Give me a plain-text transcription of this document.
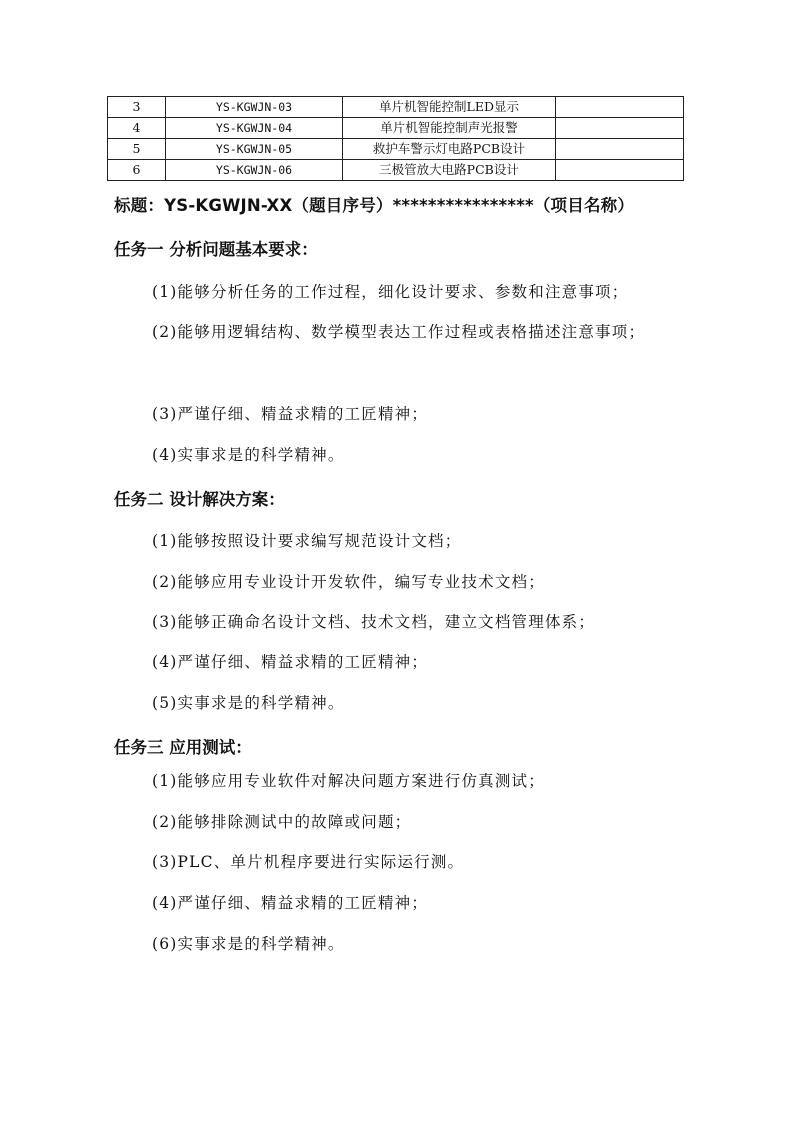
3	YS-KGWJN-03	单片机智能控制LED显示	
4	YS-KGWJN-04	单片机智能控制声光报警	
5	YS-KGWJN-05	救护车警示灯电路PCB设计	
6	YS-KGWJN-06	三极管放大电路PCB设计	
标题：YS-KGWJN-XX（题目序号）****************（项目名称）
任务一 分析问题基本要求：
(1)能够分析任务的工作过程，细化设计要求、参数和注意事项；
(2)能够用逻辑结构、数学模型表达工作过程或表格描述注意事项；
(3)严谨仔细、精益求精的工匠精神；
(4)实事求是的科学精神。
任务二 设计解决方案：
(1)能够按照设计要求编写规范设计文档；
(2)能够应用专业设计开发软件，编写专业技术文档；
(3)能够正确命名设计文档、技术文档，建立文档管理体系；
(4)严谨仔细、精益求精的工匠精神；
(5)实事求是的科学精神。
任务三 应用测试：
(1)能够应用专业软件对解决问题方案进行仿真测试；
(2)能够排除测试中的故障或问题；
(3)PLC、单片机程序要进行实际运行测。
(4)严谨仔细、精益求精的工匠精神；
(6)实事求是的科学精神。
